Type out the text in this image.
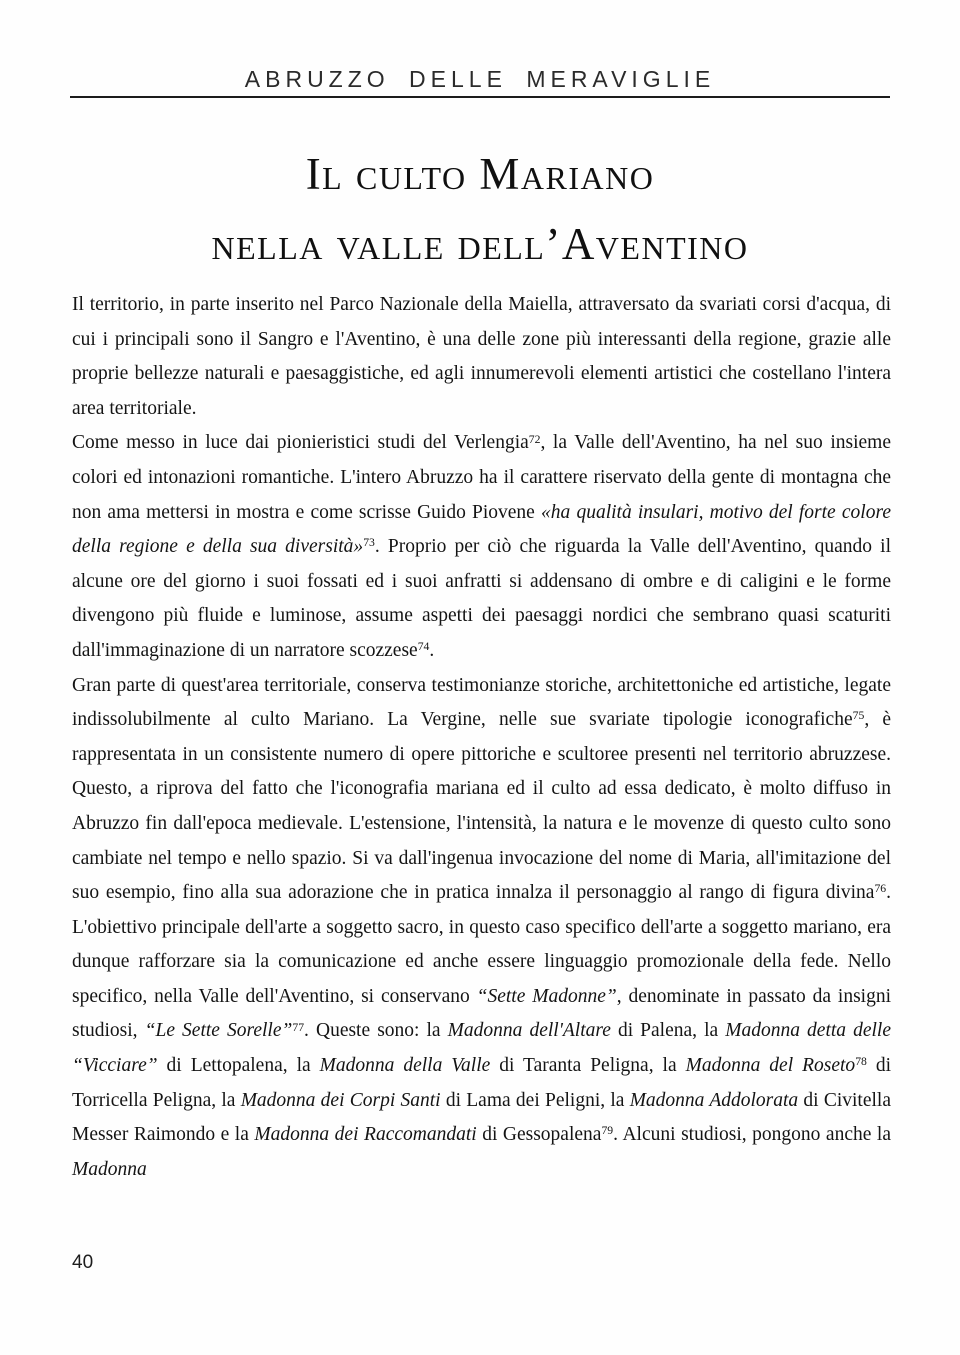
ABRUZZO DELLE MERAVIGLIE
Il culto Mariano
nella valle dell’Aventino

Il territorio, in parte inserito nel Parco Nazionale della Maiella, attraversato da svariati corsi d'acqua, di cui i principali sono il Sangro e l'Aventino, è una delle zone più interessanti della regione, grazie alle proprie bellezze naturali e paesaggistiche, ed agli innumerevoli elementi artistici che costellano l'intera area territoriale.

Come messo in luce dai pionieristici studi del Verlengia$^{72}$, la Valle dell'Aventino, ha nel suo insieme colori ed intonazioni romantiche. L'intero Abruzzo ha il carattere riservato della gente di montagna che non ama mettersi in mostra e come scrisse Guido Piovene «ha qualità insulari, motivo del forte colore della regione e della sua diversità»$^{73}$. Proprio per ciò che riguarda la Valle dell'Aventino, quando il alcune ore del giorno i suoi fossati ed i suoi anfratti si addensano di ombre e di caligini e le forme divengono più fluide e luminose, assume aspetti dei paesaggi nordici che sembrano quasi scaturiti dall'immaginazione di un narratore scozzese$^{74}$.

Gran parte di quest'area territoriale, conserva testimonianze storiche, architettoniche ed artistiche, legate indissolubilmente al culto Mariano. La Vergine, nelle sue svariate tipologie iconografiche$^{75}$, è rappresentata in un consistente numero di opere pittoriche e scultoree presenti nel territorio abruzzese. Questo, a riprova del fatto che l'iconografia mariana ed il culto ad essa dedicato, è molto diffuso in Abruzzo fin dall'epoca medievale. L'estensione, l'intensità, la natura e le movenze di questo culto sono cambiate nel tempo e nello spazio. Si va dall'ingenua invocazione del nome di Maria, all'imitazione del suo esempio, fino alla sua adorazione che in pratica innalza il personaggio al rango di figura divina$^{76}$. L'obiettivo principale dell'arte a soggetto sacro, in questo caso specifico dell'arte a soggetto mariano, era dunque rafforzare sia la comunicazione ed anche essere linguaggio promozionale della fede. Nello specifico, nella Valle dell'Aventino, si conservano “Sette Madonne”, denominate in passato da insigni studiosi, “Le Sette Sorelle”$^{77}$. Queste sono: la Madonna dell'Altare di Palena, la Madonna detta delle “Vicciare” di Lettopalena, la Madonna della Valle di Taranta Peligna, la Madonna del Roseto$^{78}$ di Torricella Peligna, la Madonna dei Corpi Santi di Lama dei Peligni, la Madonna Addolorata di Civitella Messer Raimondo e la Madonna dei Raccomandati di Gessopalena$^{79}$. Alcuni studiosi, pongono anche la Madonna

40
